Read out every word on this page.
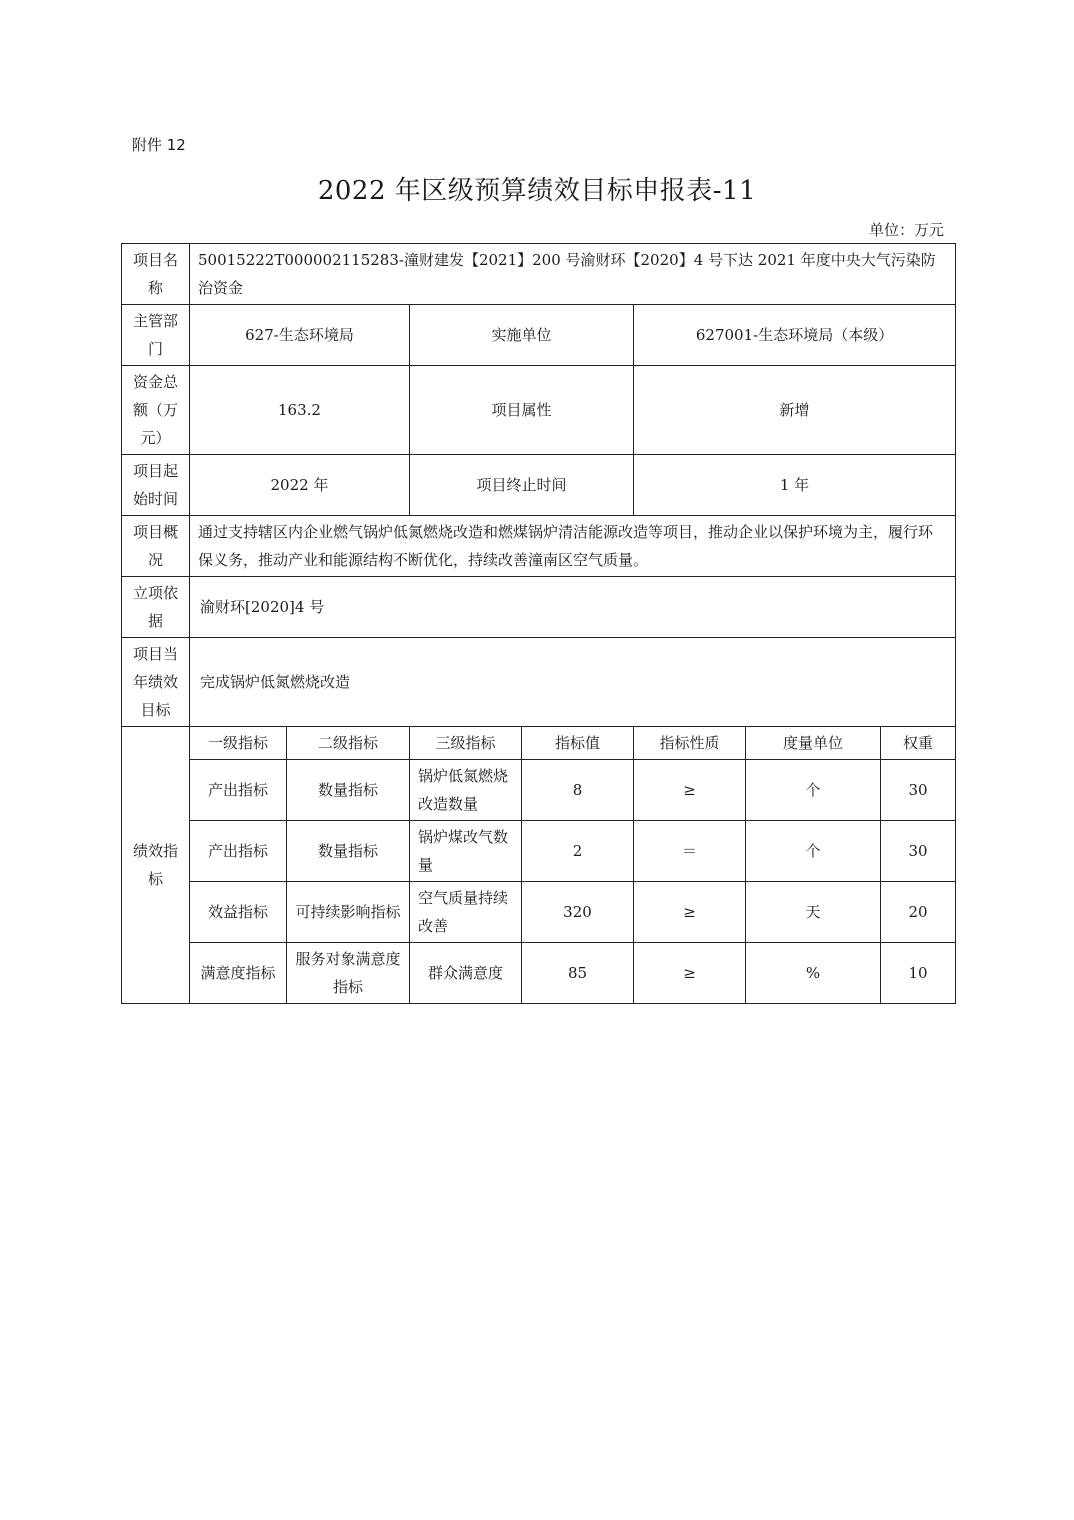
附件 12
2022 年区级预算绩效目标申报表-11
单位：万元
项目名称	50015222T000002115283-潼财建发【2021】200 号渝财环【2020】4 号下达 2021 年度中央大气污染防治资金						
主管部门	627-生态环境局		实施单位		627001-生态环境局（本级）		
资金总额（万元）	163.2		项目属性		新增		
项目起始时间	2022 年		项目终止时间		1 年		
项目概况	通过支持辖区内企业燃气锅炉低氮燃烧改造和燃煤锅炉清洁能源改造等项目，推动企业以保护环境为主，履行环保义务，推动产业和能源结构不断优化，持续改善潼南区空气质量。						
立项依据	渝财环[2020]4 号						
项目当年绩效目标	完成锅炉低氮燃烧改造						
绩效指标	一级指标	二级指标	三级指标	指标值	指标性质	度量单位	权重
	产出指标	数量指标	锅炉低氮燃烧改造数量	8	≥	个	30
	产出指标	数量指标	锅炉煤改气数量	2	＝	个	30
	效益指标	可持续影响指标	空气质量持续改善	320	≥	天	20
	满意度指标	服务对象满意度指标	群众满意度	85	≥	%	10
